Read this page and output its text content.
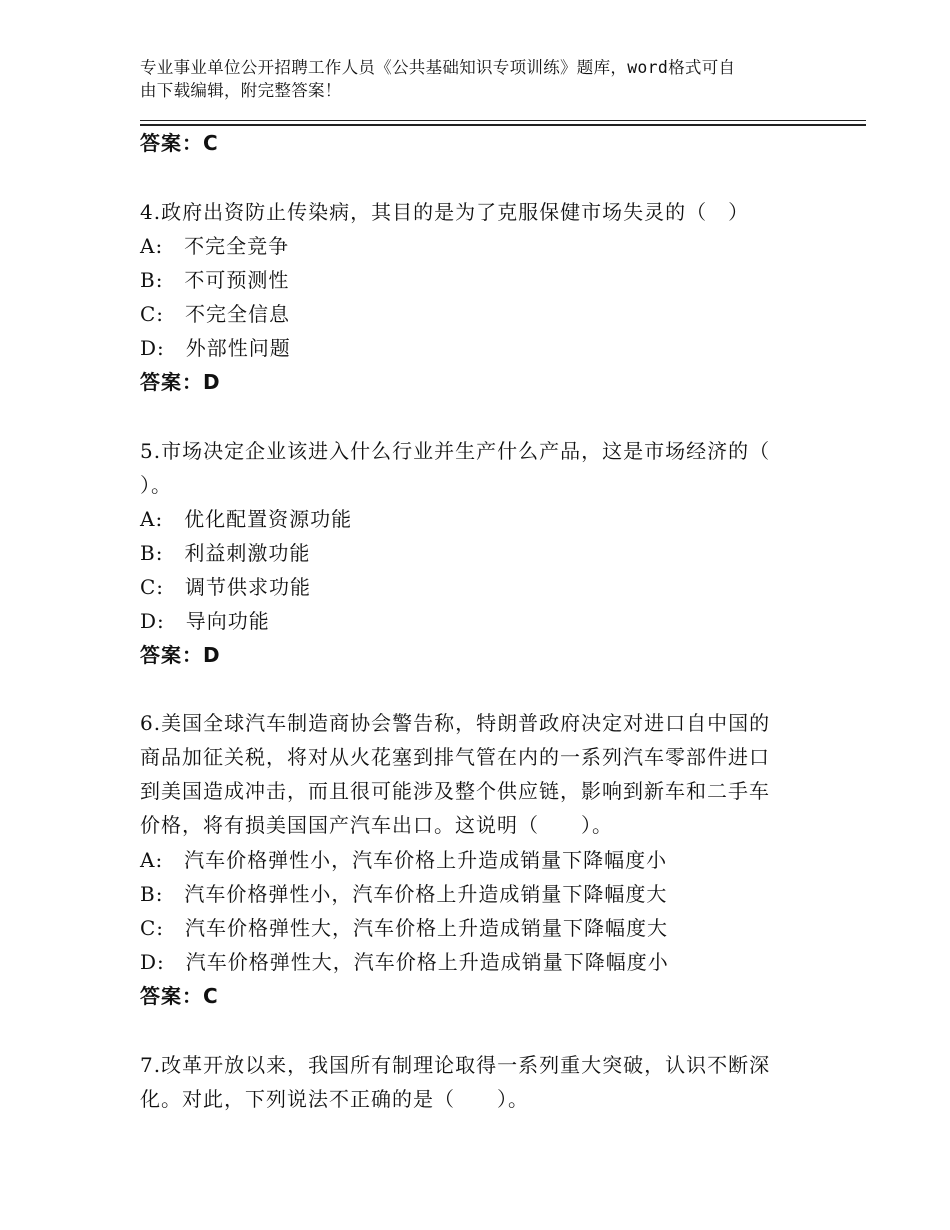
专业事业单位公开招聘工作人员《公共基础知识专项训练》题库，word格式可自
由下载编辑，附完整答案！
答案：C
4.政府出资防止传染病，其目的是为了克服保健市场失灵的（　）
A:　不完全竞争
B:　不可预测性
C:　不完全信息
D:　外部性问题
答案：D
5.市场决定企业该进入什么行业并生产什么产品，这是市场经济的（
）。
A:　优化配置资源功能
B:　利益刺激功能
C:　调节供求功能
D:　导向功能
答案：D
6.美国全球汽车制造商协会警告称，特朗普政府决定对进口自中国的
商品加征关税，将对从火花塞到排气管在内的一系列汽车零部件进口
到美国造成冲击，而且很可能涉及整个供应链，影响到新车和二手车
价格，将有损美国国产汽车出口。这说明（　　）。
A:　汽车价格弹性小，汽车价格上升造成销量下降幅度小
B:　汽车价格弹性小，汽车价格上升造成销量下降幅度大
C:　汽车价格弹性大，汽车价格上升造成销量下降幅度大
D:　汽车价格弹性大，汽车价格上升造成销量下降幅度小
答案：C
7.改革开放以来，我国所有制理论取得一系列重大突破，认识不断深
化。对此，下列说法不正确的是（　　）。
